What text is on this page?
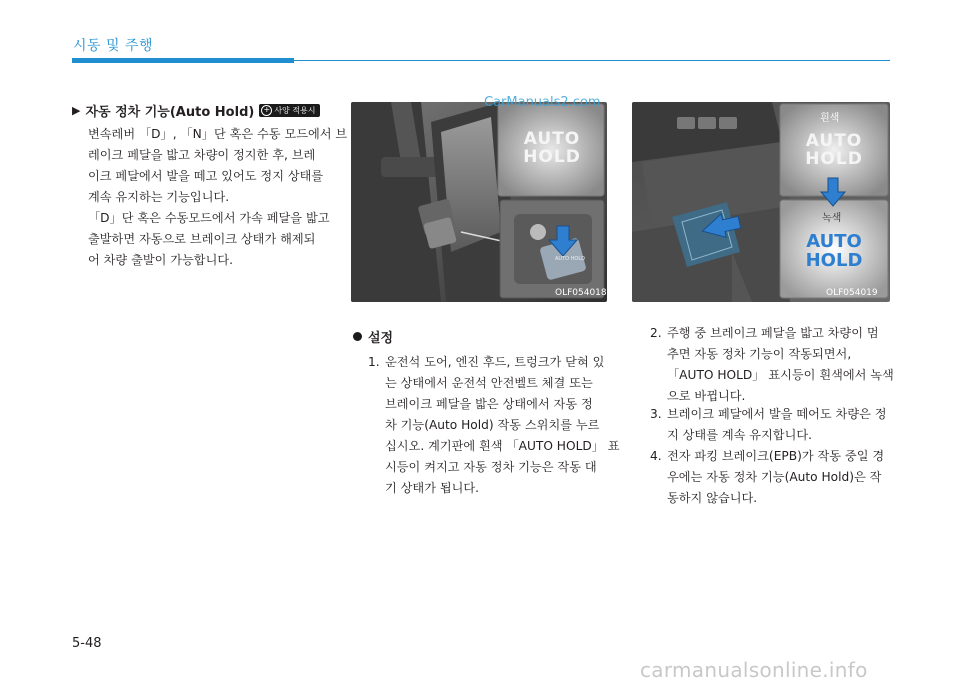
시동 및 주행
▶ 자동 정차 기능(Auto Hold) + 사양 적용시
변속레버 「D」, 「N」단 혹은 수동 모드에서 브
레이크 페달을 밟고 차량이 정지한 후, 브레
이크 페달에서 발을 떼고 있어도 정지 상태를
계속 유지하는 기능입니다.
「D」단 혹은 수동모드에서 가속 페달을 밟고
출발하면 자동으로 브레이크 상태가 해제되
어 차량 출발이 가능합니다.
AUTO HOLD
AUTO HOLD
OLF054018
흰색
AUTO HOLD
녹색
AUTO HOLD
OLF054019
CarManuals2.com
설정
1. 운전석 도어, 엔진 후드, 트렁크가 닫혀 있
는 상태에서 운전석 안전벨트 체결 또는
브레이크 페달을 밟은 상태에서 자동 정
차 기능(Auto Hold) 작동 스위치를 누르
십시오. 계기판에 흰색 「AUTO HOLD」 표
시등이 켜지고 자동 정차 기능은 작동 대
기 상태가 됩니다.
2. 주행 중 브레이크 페달을 밟고 차량이 멈
추면 자동 정차 기능이 작동되면서,
「AUTO HOLD」 표시등이 흰색에서 녹색
으로 바뀝니다.
3. 브레이크 페달에서 발을 떼어도 차량은 정
지 상태를 계속 유지합니다.
4. 전자 파킹 브레이크(EPB)가 작동 중일 경
우에는 자동 정차 기능(Auto Hold)은 작
동하지 않습니다.
5-48
carmanualsonline.info
